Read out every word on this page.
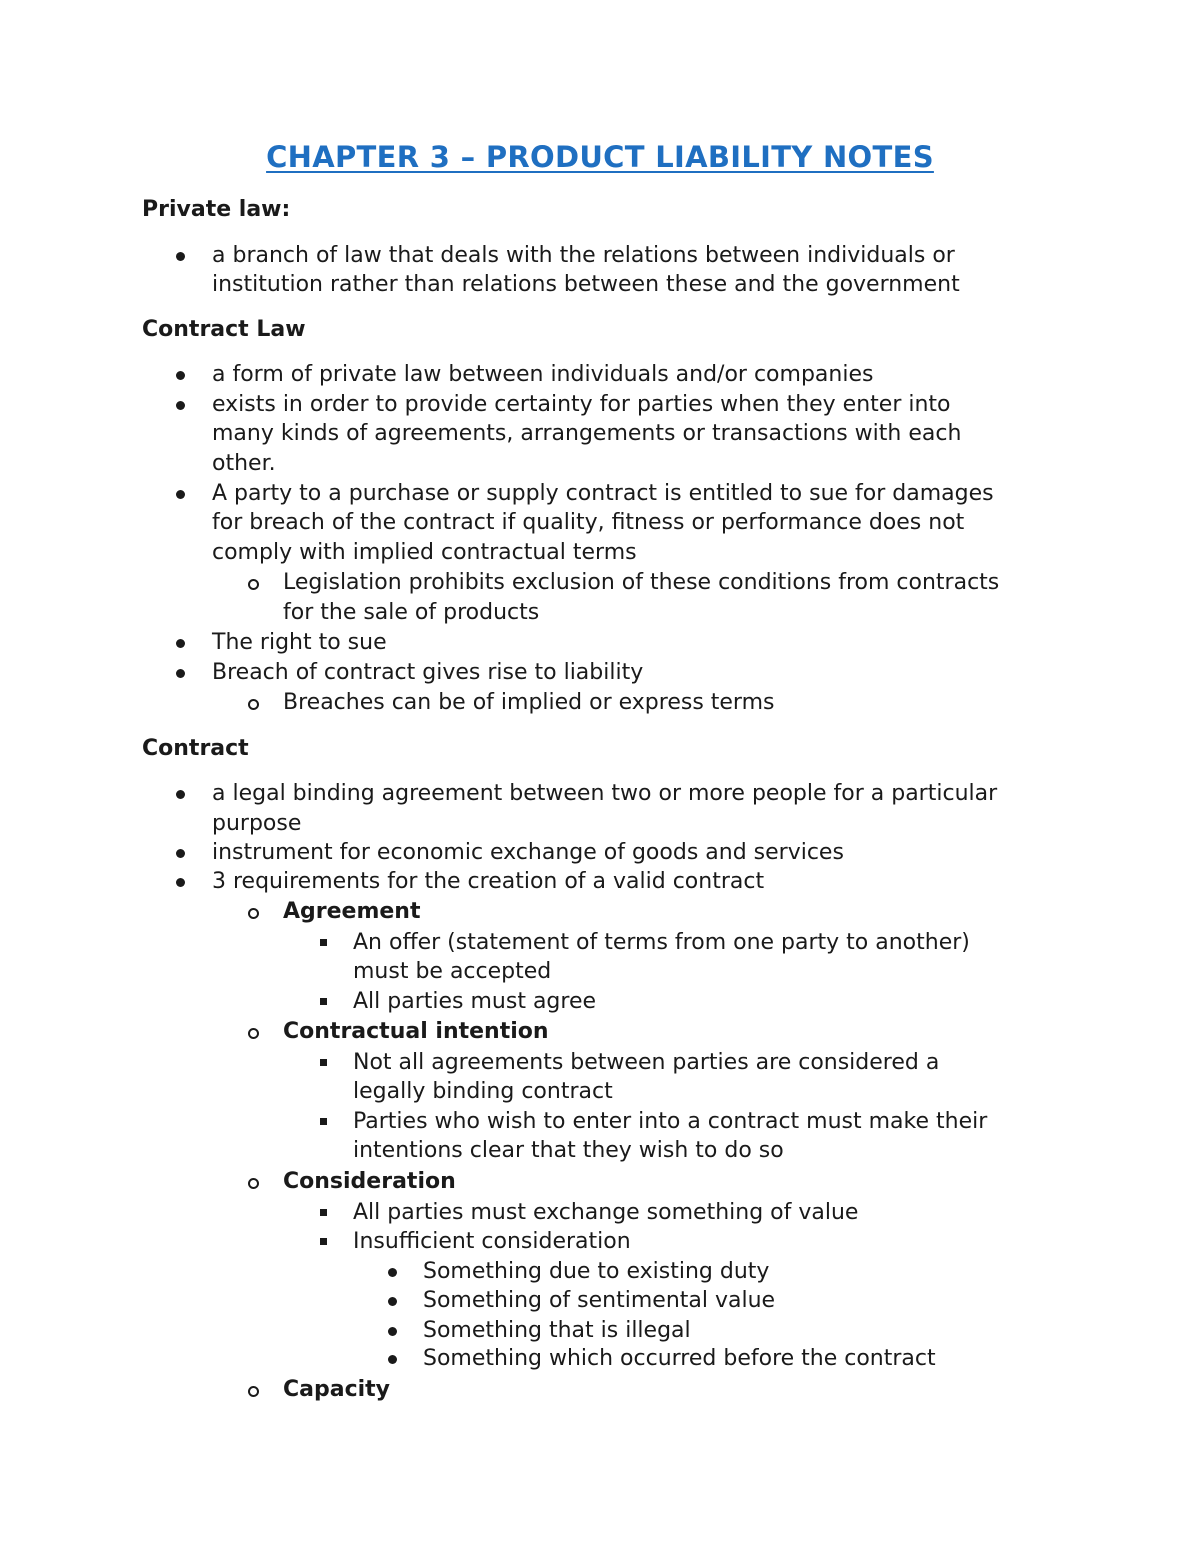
CHAPTER 3 – PRODUCT LIABILITY NOTES
Private law:
a branch of law that deals with the relations between individuals or
institution rather than relations between these and the government
Contract Law
a form of private law between individuals and/or companies
exists in order to provide certainty for parties when they enter into
many kinds of agreements, arrangements or transactions with each
other.
A party to a purchase or supply contract is entitled to sue for damages
for breach of the contract if quality, fitness or performance does not
comply with implied contractual terms
Legislation prohibits exclusion of these conditions from contracts
for the sale of products
The right to sue
Breach of contract gives rise to liability
Breaches can be of implied or express terms
Contract
a legal binding agreement between two or more people for a particular
purpose
instrument for economic exchange of goods and services
3 requirements for the creation of a valid contract
Agreement
An offer (statement of terms from one party to another)
must be accepted
All parties must agree
Contractual intention
Not all agreements between parties are considered a
legally binding contract
Parties who wish to enter into a contract must make their
intentions clear that they wish to do so
Consideration
All parties must exchange something of value
Insufficient consideration
Something due to existing duty
Something of sentimental value
Something that is illegal
Something which occurred before the contract
Capacity
